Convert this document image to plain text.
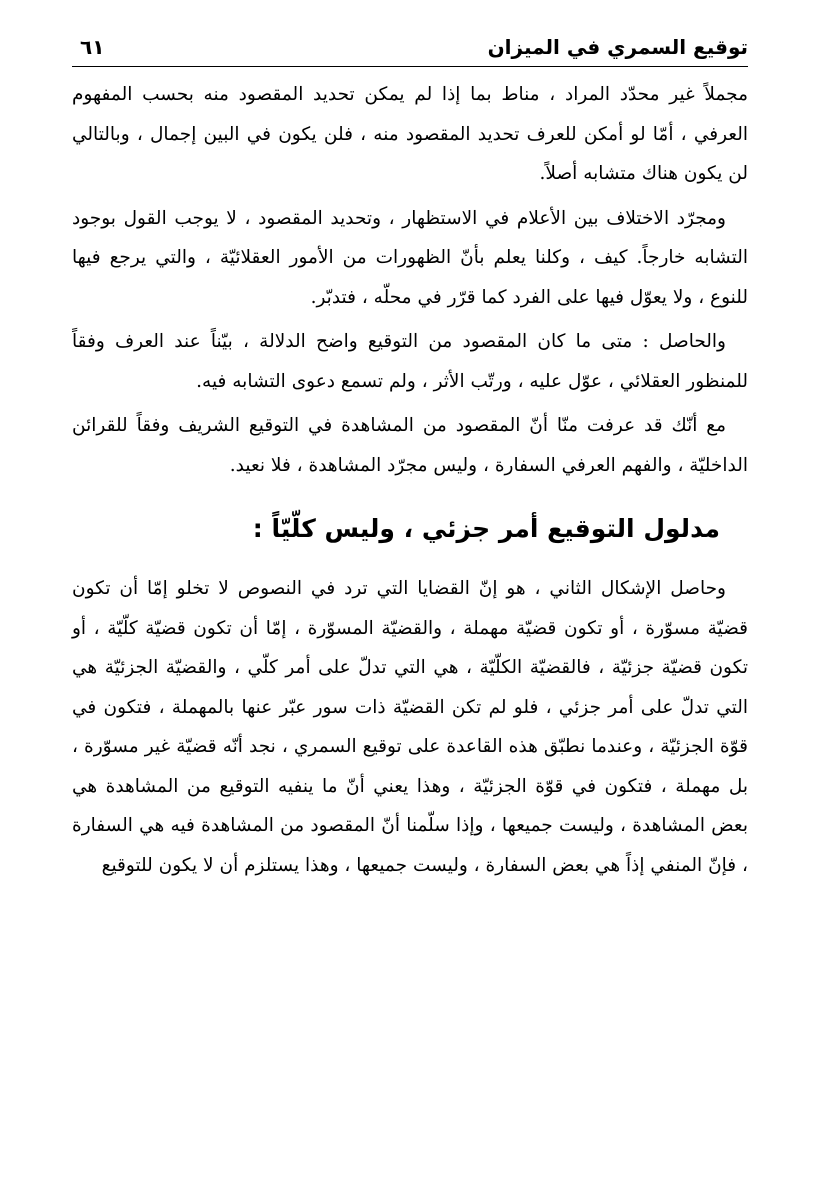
توقيع السمري في الميزان
٦١

مجملاً غير محدّد المراد ، مناط بما إذا لم يمكن تحديد المقصود منه بحسب المفهوم العرفي ، أمّا لو أمكن للعرف تحديد المقصود منه ، فلن يكون في البين إجمال ، وبالتالي لن يكون هناك متشابه أصلاً.

ومجرّد الاختلاف بين الأعلام في الاستظهار ، وتحديد المقصود ، لا يوجب القول بوجود التشابه خارجاً. كيف ، وكلنا يعلم بأنّ الظهورات من الأمور العقلائيّة ، والتي يرجع فيها للنوع ، ولا يعوّل فيها على الفرد كما قرّر في محلّه ، فتدبّر.

والحاصل : متى ما كان المقصود من التوقيع واضح الدلالة ، بيّناً عند العرف وفقاً للمنظور العقلائي ، عوّل عليه ، ورتّب الأثر ، ولم تسمع دعوى التشابه فيه.

مع أنّك قد عرفت منّا أنّ المقصود من المشاهدة في التوقيع الشريف وفقاً للقرائن الداخليّة ، والفهم العرفي السفارة ، وليس مجرّد المشاهدة ، فلا نعيد.

مدلول التوقيع أمر جزئي ، وليس كلّيّاً :

وحاصل الإشكال الثاني ، هو إنّ القضايا التي ترد في النصوص لا تخلو إمّا أن تكون قضيّة مسوّرة ، أو تكون قضيّة مهملة ، والقضيّة المسوّرة ، إمّا أن تكون قضيّة كلّيّة ، أو تكون قضيّة جزئيّة ، فالقضيّة الكلّيّة ، هي التي تدلّ على أمر كلّي ، والقضيّة الجزئيّة هي التي تدلّ على أمر جزئي ، فلو لم تكن القضيّة ذات سور عبّر عنها بالمهملة ، فتكون في قوّة الجزئيّة ، وعندما نطبّق هذه القاعدة على توقيع السمري ، نجد أنّه قضيّة غير مسوّرة ، بل مهملة ، فتكون في قوّة الجزئيّة ، وهذا يعني أنّ ما ينفيه التوقيع من المشاهدة هي بعض المشاهدة ، وليست جميعها ، وإذا سلّمنا أنّ المقصود من المشاهدة فيه هي السفارة ، فإنّ المنفي إذاً هي بعض السفارة ، وليست جميعها ، وهذا يستلزم أن لا يكون للتوقيع
